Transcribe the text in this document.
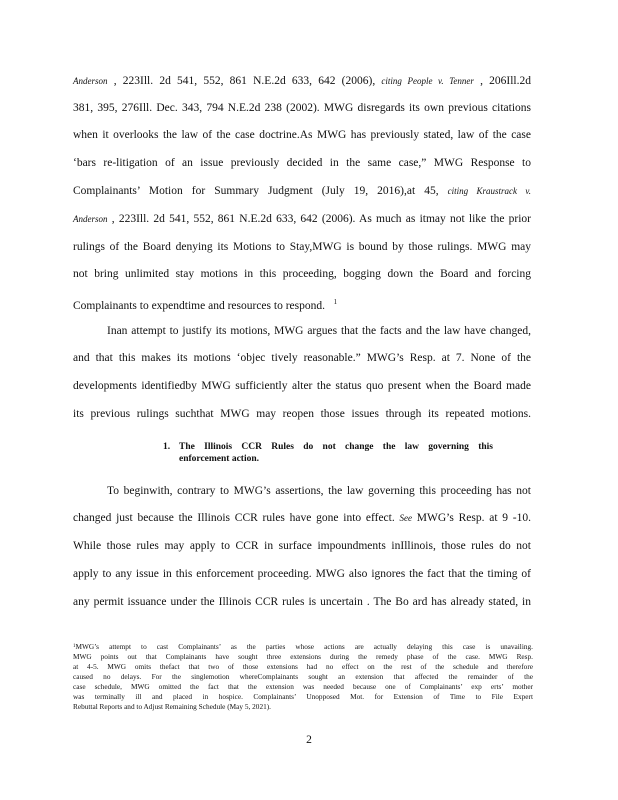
Anderson , 223Ill. 2d 541, 552, 861 N.E.2d 633, 642 (2006), citing People v. Tenner , 206Ill.2d
381, 395, 276Ill. Dec. 343, 794 N.E.2d 238 (2002). MWG disregards its own previous citations
when it overlooks the law of the case doctrine.As MWG has previously stated, law of the case
‘bars re-litigation of an issue previously decided in the same case,” MWG Response to
Complainants’ Motion for Summary Judgment (July 19, 2016),at 45, citing Kraustrack v.
Anderson , 223Ill. 2d 541, 552, 861 N.E.2d 633, 642 (2006). As much as itmay not like the prior
rulings of the Board denying its Motions to Stay,MWG is bound by those rulings. MWG may
not bring unlimited stay motions in this proceeding, bogging down the Board and forcing
Complainants to expendtime and resources to respond. $^1$
Inan attempt to justify its motions, MWG argues that the facts and the law have changed,
and that this makes its motions ‘objec tively reasonable.” MWG’s Resp. at 7. None of the
developments identifiedby MWG sufficiently alter the status quo present when the Board made
its previous rulings suchthat MWG may reopen those issues through its repeated motions.
1. The Illinois CCR Rules do not change the law governing this
enforcement action.
To beginwith, contrary to MWG’s assertions, the law governing this proceeding has not
changed just because the Illinois CCR rules have gone into effect. See MWG’s Resp. at 9 -10.
While those rules may apply to CCR in surface impoundments inIllinois, those rules do not
apply to any issue in this enforcement proceeding. MWG also ignores the fact that the timing of
any permit issuance under the Illinois CCR rules is uncertain . The Bo ard has already stated, in
$^1$MWG’s attempt to cast Complainants’ as the parties whose actions are actually delaying this case is unavailing.
MWG points out that Complainants have sought three extensions during the remedy phase of the case. MWG Resp.
at 4-5. MWG omits thefact that two of those extensions had no effect on the rest of the schedule and therefore
caused no delays. For the singlemotion whereComplainants sought an extension that affected the remainder of the
case schedule, MWG omitted the fact that the extension was needed because one of Complainants’ exp erts’ mother
was terminally ill and placed in hospice. Complainants’ Unopposed Mot. for Extension of Time to File Expert
Rebuttal Reports and to Adjust Remaining Schedule (May 5, 2021).
2
